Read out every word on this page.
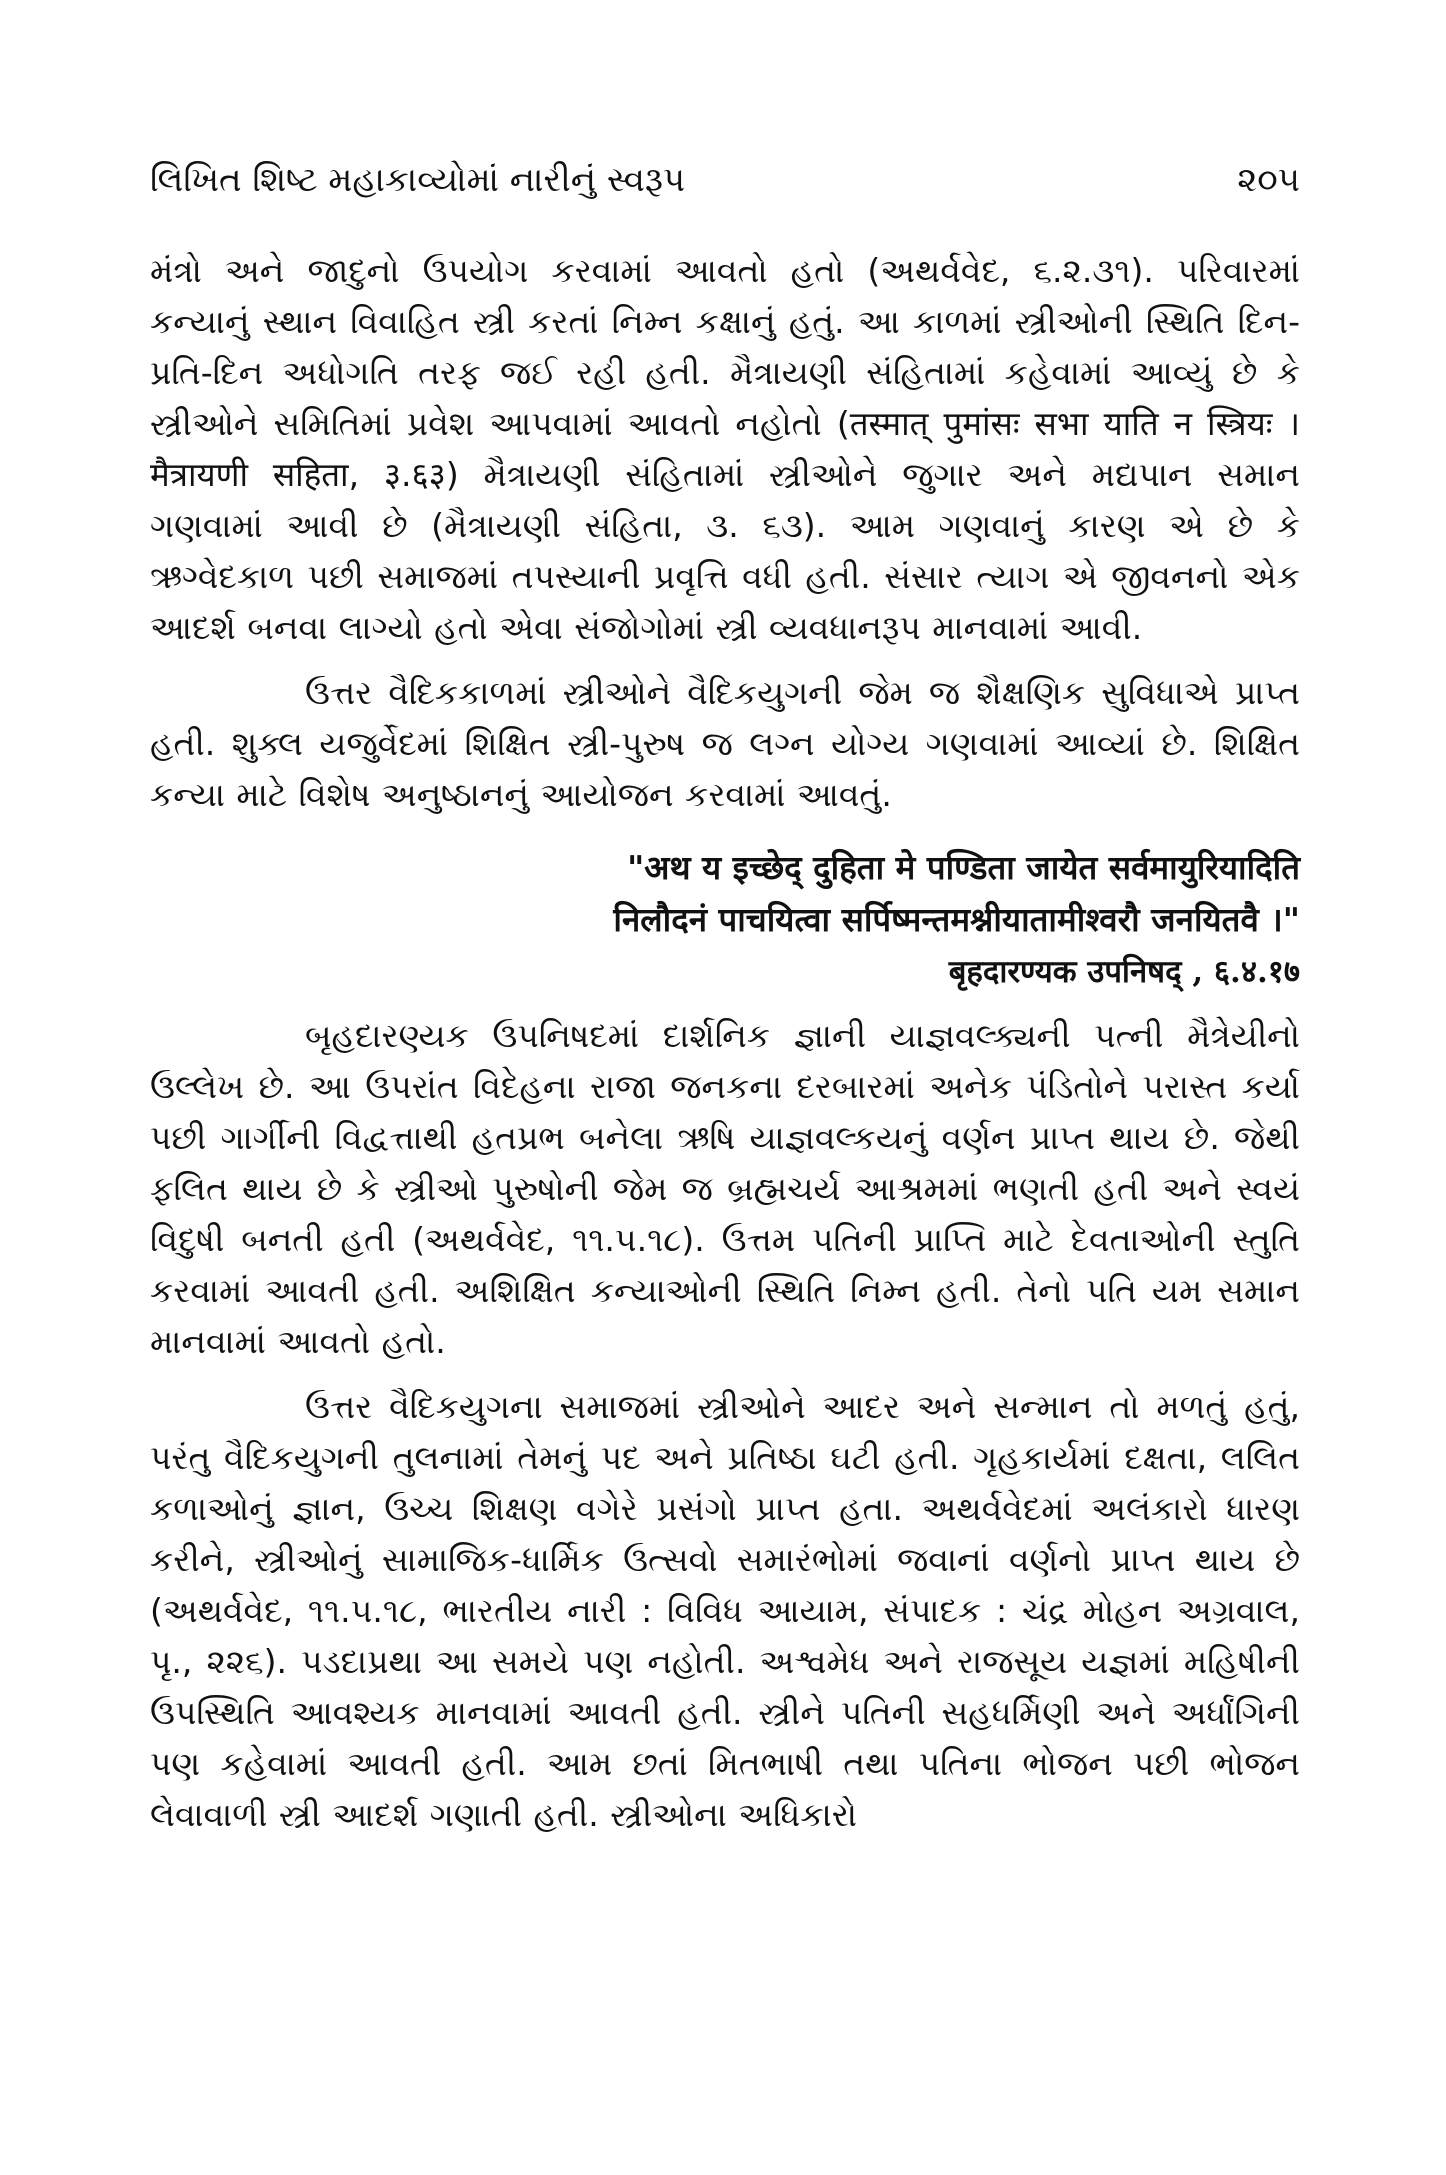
લિખિત શિષ્ટ મહાકાવ્યોમાં નારીનું સ્વરૂપ	૨૦૫

મંત્રો અને જાદુનો ઉપયોગ કરવામાં આવતો હતો (અથર્વવેદ, ૬.૨.૩૧). પરિવારમાં કન્યાનું સ્થાન વિવાહિત સ્ત્રી કરતાં નિમ્ન કક્ષાનું હતું. આ કાળમાં સ્ત્રીઓની સ્થિતિ દિન-પ્રતિ-દિન અધોગતિ તરફ જઈ રહી હતી. મૈત્રાયણી સંહિતામાં કહેવામાં આવ્યું છે કે સ્ત્રીઓને સમિતિમાં પ્રવેશ આપવામાં આવતો નહોતો (तस्मात् पुमांसः सभा याति न स्त्रियः । मैत्रायणी सहिता, ३.६३) મૈત્રાયણી સંહિતામાં સ્ત્રીઓને જુગાર અને મદ્યપાન સમાન ગણવામાં આવી છે (મૈત્રાયણી સંહિતા, ૩. ૬૩). આમ ગણવાનું કારણ એ છે કે ઋગ્વેદકાળ પછી સમાજમાં તપસ્યાની પ્રવૃત્તિ વધી હતી. સંસાર ત્યાગ એ જીવનનો એક આદર્શ બનવા લાગ્યો હતો એવા સંજોગોમાં સ્ત્રી વ્યવધાનરૂપ માનવામાં આવી.

ઉત્તર વૈદિકકાળમાં સ્ત્રીઓને વૈદિકયુગની જેમ જ શૈક્ષણિક સુવિધાએ પ્રાપ્ત હતી. શુક્લ યજુર્વેદમાં શિક્ષિત સ્ત્રી-પુરુષ જ લગ્ન યોગ્ય ગણવામાં આવ્યાં છે. શિક્ષિત કન્યા માટે વિશેષ અનુષ્ઠાનનું આયોજન કરવામાં આવતું.

"अथ य इच्छेद् दुहिता मे पण्डिता जायेत सर्वमायुरियादिति
निलौदनं पाचयित्वा सर्पिष्मन्तमश्नीयातामीश्वरौ जनयितवै ।"
बृहदारण्यक उपनिषद् , ६.४.१७

બૃહદારણ્યક ઉપનિષદમાં દાર્શનિક જ્ઞાની યાજ્ઞવલ્ક્યની પત્ની મૈત્રેયીનો ઉલ્લેખ છે. આ ઉપરાંત વિદેહના રાજા જનકના દરબારમાં અનેક પંડિતોને પરાસ્ત કર્યા પછી ગાર્ગીની વિદ્વત્તાથી હતપ્રભ બનેલા ઋષિ યાજ્ઞવલ્કયનું વર્ણન પ્રાપ્ત થાય છે. જેથી ફલિત થાય છે કે સ્ત્રીઓ પુરુષોની જેમ જ બ્રહ્મચર્ય આશ્રમમાં ભણતી હતી અને સ્વયં વિદુષી બનતી હતી (અથર્વવેદ, ૧૧.૫.૧૮). ઉત્તમ પતિની પ્રાપ્તિ માટે દેવતાઓની સ્તુતિ કરવામાં આવતી હતી. અશિક્ષિત કન્યાઓની સ્થિતિ નિમ્ન હતી. તેનો પતિ યમ સમાન માનવામાં આવતો હતો.

ઉત્તર વૈદિકયુગના સમાજમાં સ્ત્રીઓને આદર અને સન્માન તો મળતું હતું, પરંતુ વૈદિકયુગની તુલનામાં તેમનું પદ અને પ્રતિષ્ઠા ઘટી હતી. ગૃહકાર્યમાં દક્ષતા, લલિત કળાઓનું જ્ઞાન, ઉચ્ચ શિક્ષણ વગેરે પ્રસંગો પ્રાપ્ત હતા. અથર્વવેદમાં અલંકારો ધારણ કરીને, સ્ત્રીઓનું સામાજિક-ધાર્મિક ઉત્સવો સમારંભોમાં જવાનાં વર્ણનો પ્રાપ્ત થાય છે (અથર્વવેદ, ૧૧.૫.૧૮, ભારતીય નારી : વિવિધ આયામ, સંપાદક : ચંદ્ર મોહન અગ્રવાલ, પૃ., ૨૨૬). પડદાપ્રથા આ સમયે પણ નહોતી. અશ્વમેધ અને રાજસૂય યજ્ઞમાં મહિષીની ઉપસ્થિતિ આવશ્યક માનવામાં આવતી હતી. સ્ત્રીને પતિની સહધર્મિણી અને અર્ધાંગિની પણ કહેવામાં આવતી હતી. આમ છતાં મિતભાષી તથા પતિના ભોજન પછી ભોજન લેવાવાળી સ્ત્રી આદર્શ ગણાતી હતી. સ્ત્રીઓના અધિકારો
